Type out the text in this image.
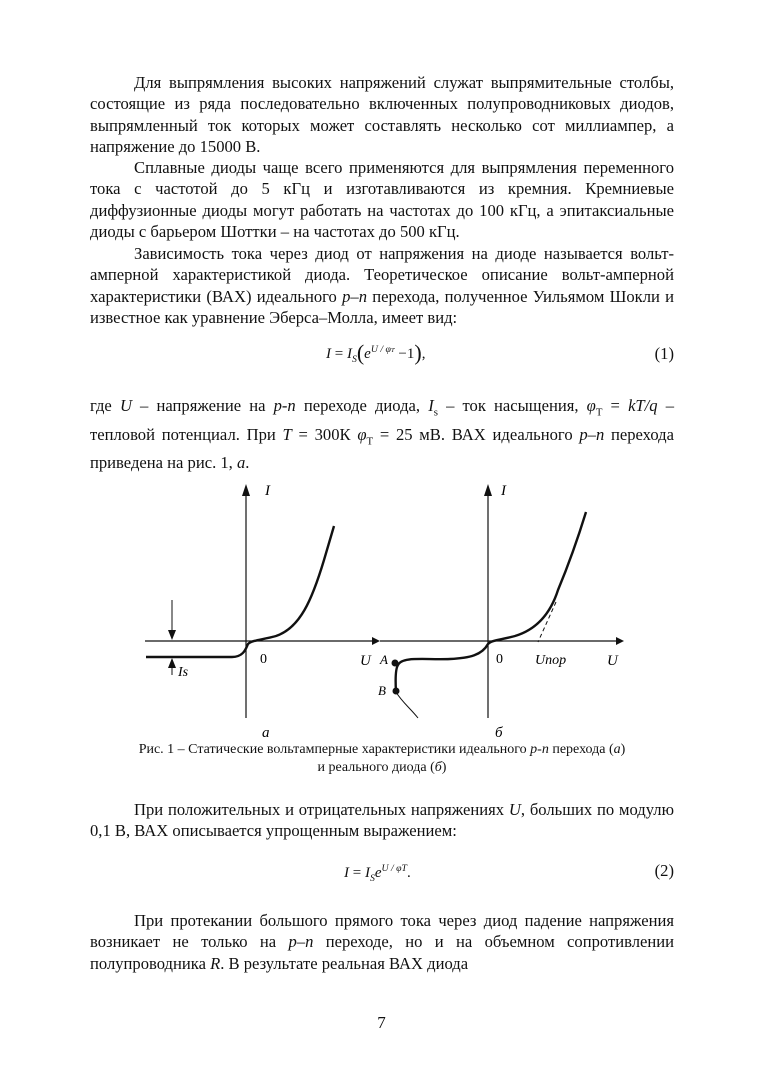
Для выпрямления высоких напряжений служат выпрямительные столбы, состоящие из ряда последовательно включенных полупроводниковых диодов, выпрямленный ток которых может составлять несколько сот миллиампер, а напряжение до 15000 В.

Сплавные диоды чаще всего применяются для выпрямления переменного тока с частотой до 5 кГц и изготавливаются из кремния. Кремниевые диффузионные диоды могут работать на частотах до 100 кГц, а эпитаксиальные диоды с барьером Шоттки – на частотах до 500 кГц.

Зависимость тока через диод от напряжения на диоде называется вольт-амперной характеристикой диода. Теоретическое описание вольт-амперной характеристики (ВАХ) идеального p–n перехода, полученное Уильямом Шокли и известное как уравнение Эберса–Молла, имеет вид:

$I = I_S(e^{U / \varphi T} -1)$,	(1)

где U – напряжение на p-n переходе диода, $I_s$ – ток насыщения, $\varphi_T = kT/q$ – тепловой потенциал. При T = 300К $\varphi_T = 25$ мВ. ВАХ идеального p–n перехода приведена на рис. 1, а.

I
U
0
Is
а
I
U
0
A
B
Uпор
б
Рис. 1 – Статические вольтамперные характеристики идеального p-n перехода (а)
и реального диода (б)

При положительных и отрицательных напряжениях U, больших по модулю 0,1 В, ВАХ описывается упрощенным выражением:

$I = I_Se^{U / \varphi T}$.	(2)

При протекании большого прямого тока через диод падение напряжения возникает не только на p–n переходе, но и на объемном сопротивлении полупроводника R. В результате реальная ВАХ диода

7
